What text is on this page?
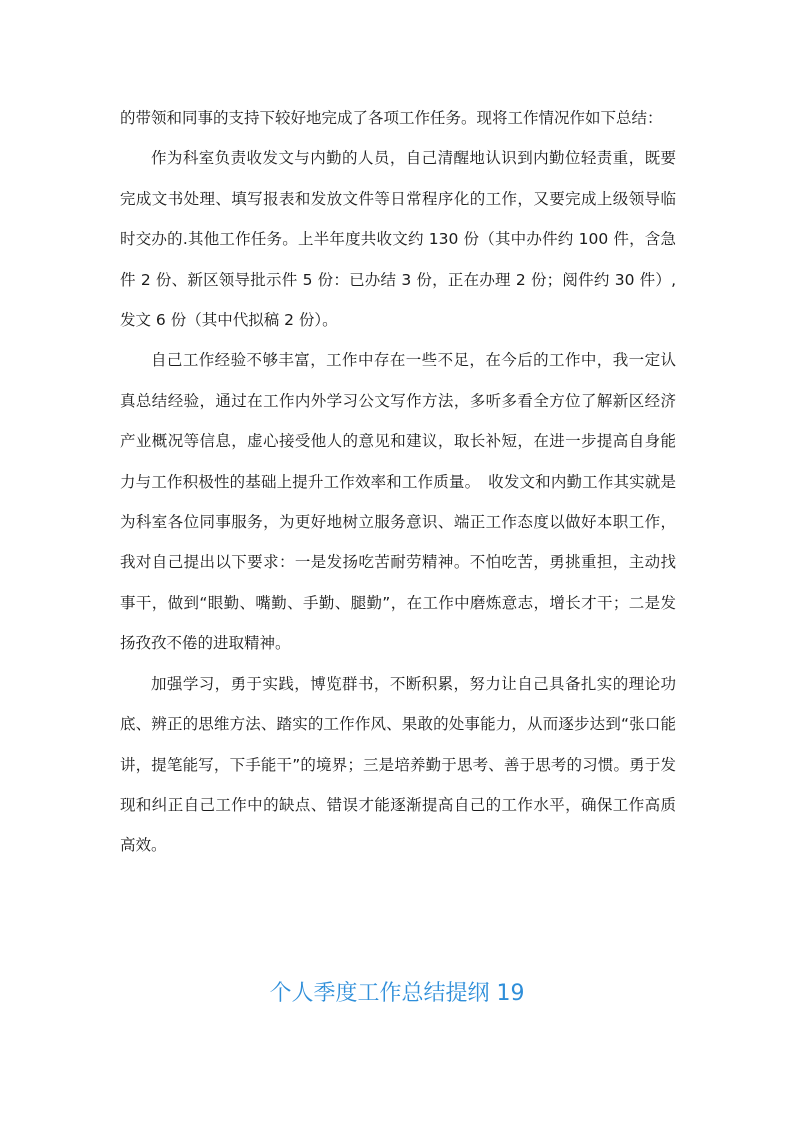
的带领和同事的支持下较好地完成了各项工作任务。现将工作情况作如下总结：

作为科室负责收发文与内勤的人员，自己清醒地认识到内勤位轻责重，既要完成文书处理、填写报表和发放文件等日常程序化的工作，又要完成上级领导临时交办的.其他工作任务。上半年度共收文约 130 份（其中办件约 100 件，含急件 2 份、新区领导批示件 5 份：已办结 3 份，正在办理 2 份；阅件约 30 件）,发文 6 份（其中代拟稿 2 份）。

自己工作经验不够丰富，工作中存在一些不足，在今后的工作中，我一定认真总结经验，通过在工作内外学习公文写作方法，多听多看全方位了解新区经济产业概况等信息，虚心接受他人的意见和建议，取长补短，在进一步提高自身能力与工作积极性的基础上提升工作效率和工作质量。　收发文和内勤工作其实就是为科室各位同事服务，为更好地树立服务意识、端正工作态度以做好本职工作，我对自己提出以下要求：一是发扬吃苦耐劳精神。不怕吃苦，勇挑重担，主动找事干，做到“眼勤、嘴勤、手勤、腿勤”，在工作中磨炼意志，增长才干；二是发扬孜孜不倦的进取精神。

加强学习，勇于实践，博览群书，不断积累，努力让自己具备扎实的理论功底、辨正的思维方法、踏实的工作作风、果敢的处事能力，从而逐步达到“张口能讲，提笔能写，下手能干”的境界；三是培养勤于思考、善于思考的习惯。勇于发现和纠正自己工作中的缺点、错误才能逐渐提高自己的工作水平，确保工作高质高效。

个人季度工作总结提纲 19
